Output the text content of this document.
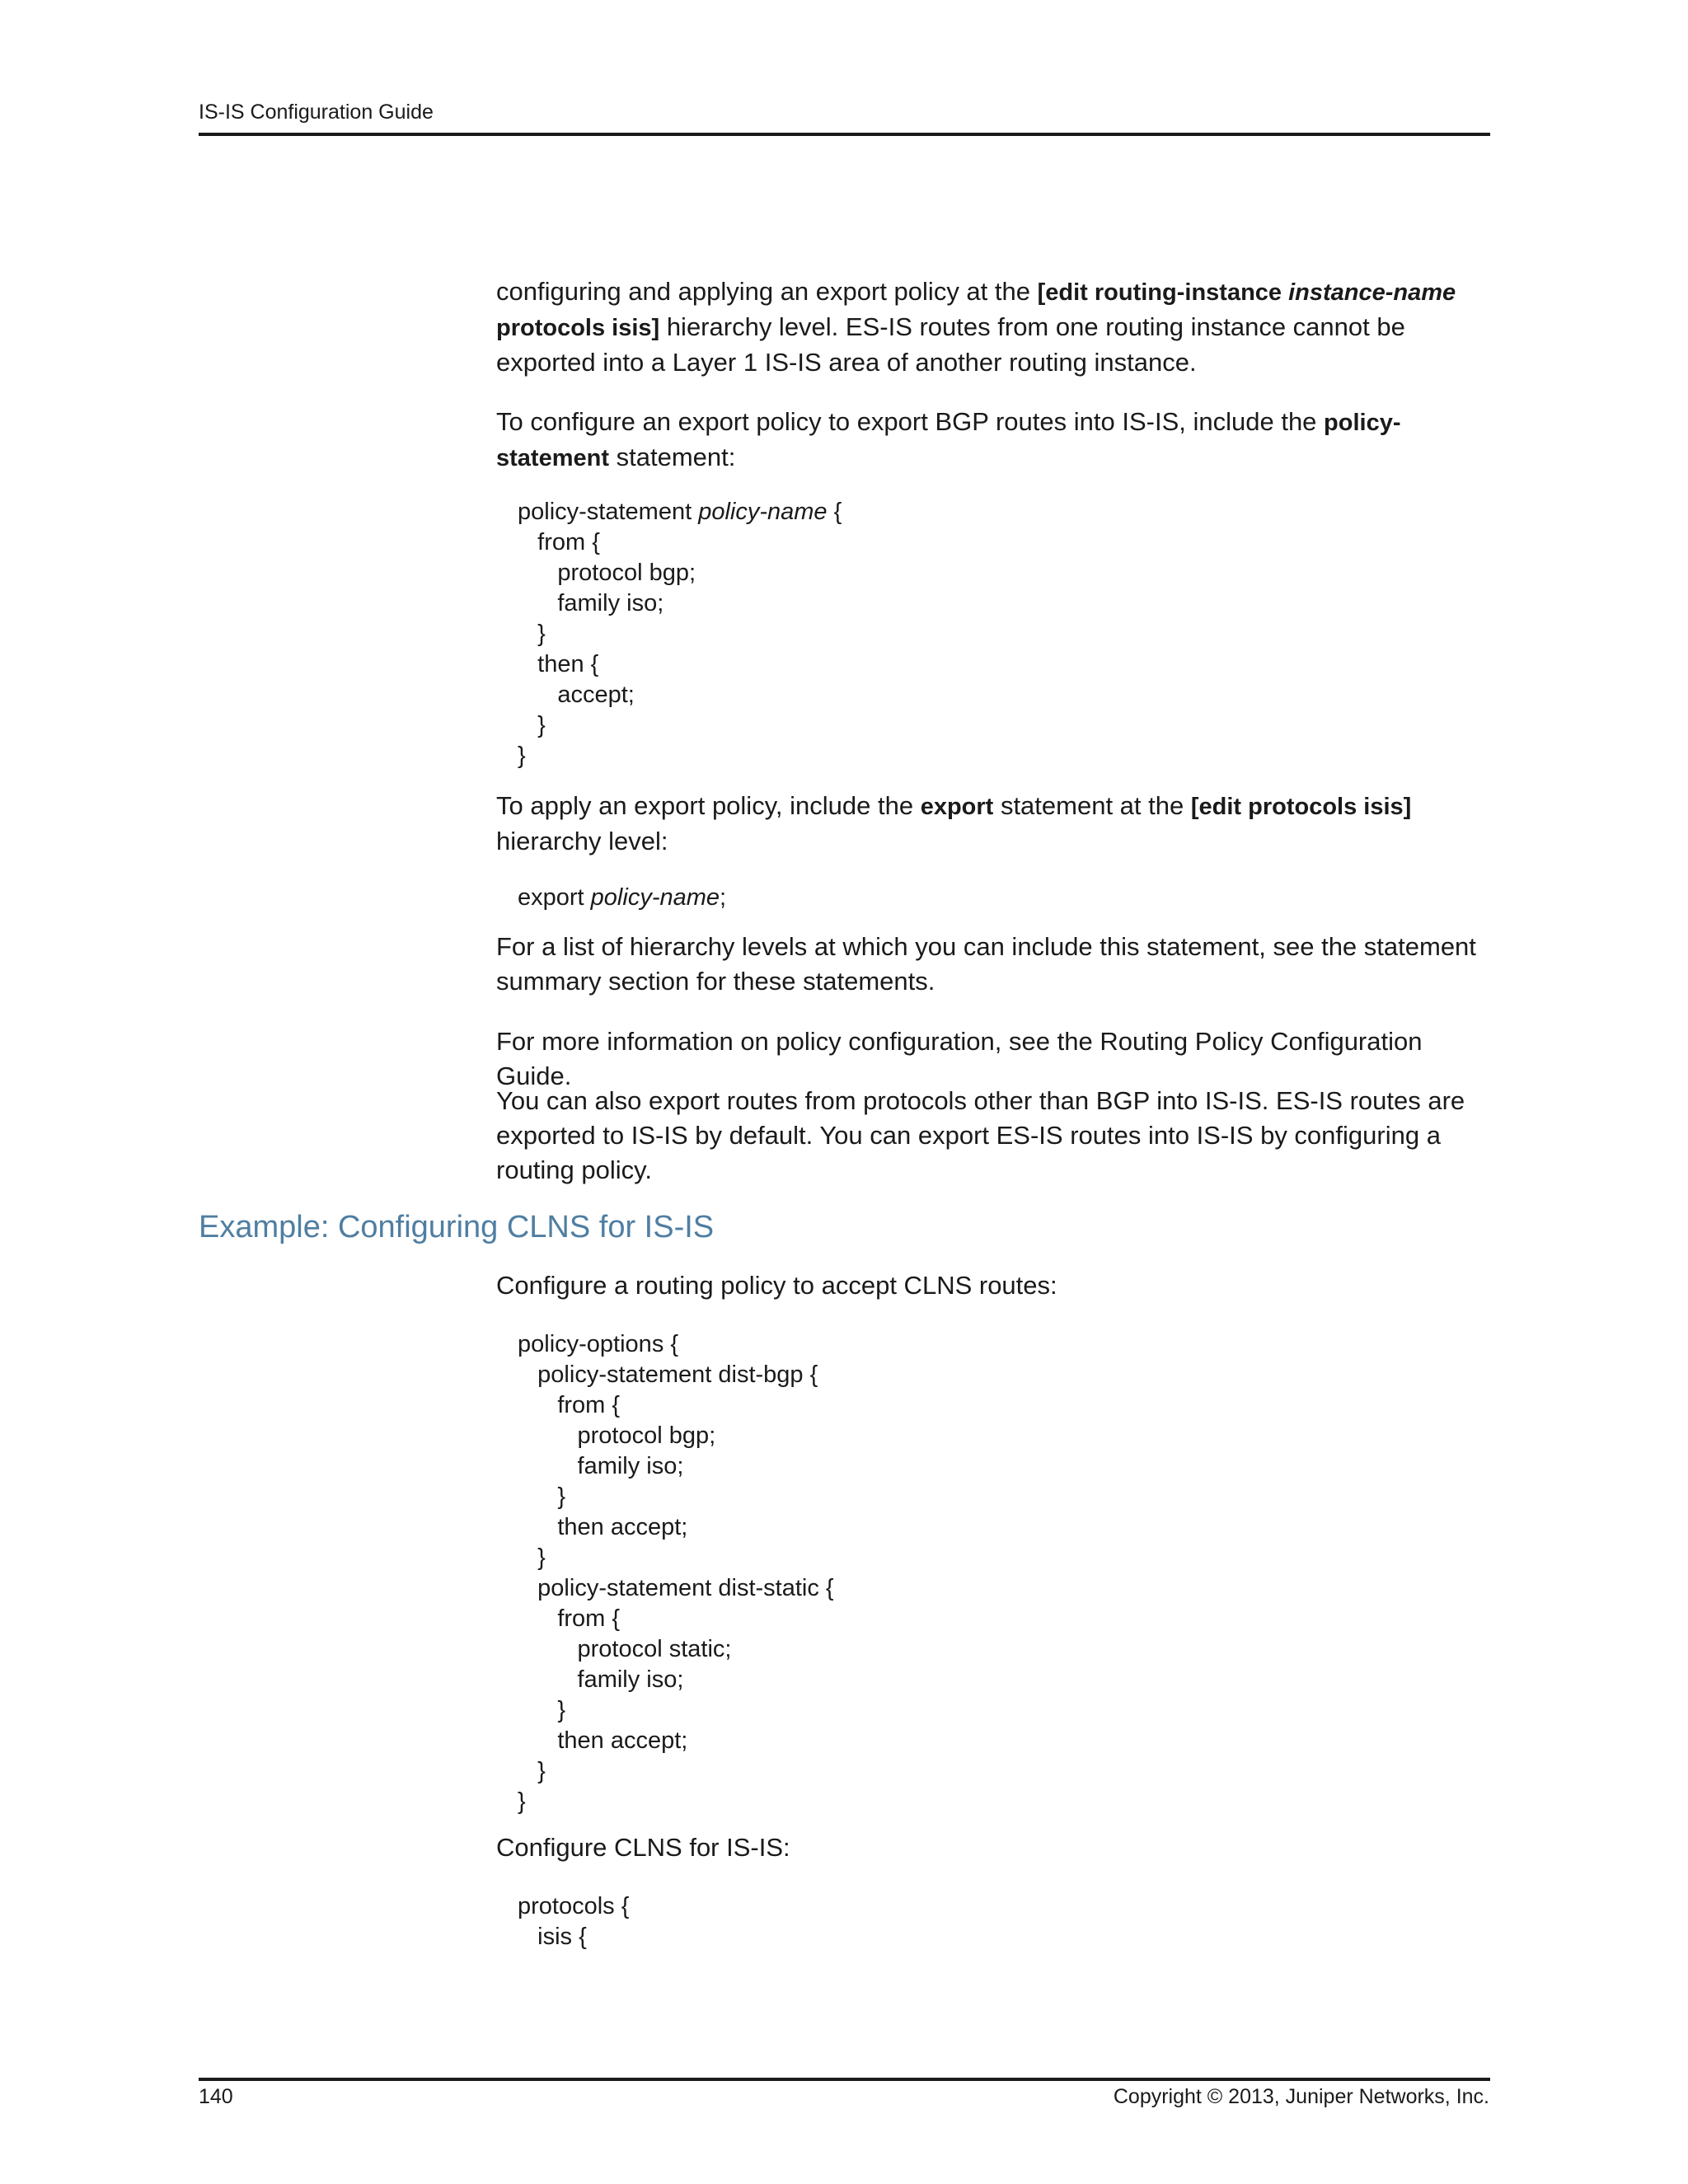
IS-IS Configuration Guide

configuring and applying an export policy at the [edit routing-instance instance-name protocols isis] hierarchy level. ES-IS routes from one routing instance cannot be exported into a Layer 1 IS-IS area of another routing instance.

To configure an export policy to export BGP routes into IS-IS, include the policy-statement statement:

policy-statement policy-name {
from {
protocol bgp;
family iso;
}
then {
accept;
}
}

To apply an export policy, include the export statement at the [edit protocols isis] hierarchy level:

export policy-name;

For a list of hierarchy levels at which you can include this statement, see the statement summary section for these statements.

For more information on policy configuration, see the Routing Policy Configuration Guide.

You can also export routes from protocols other than BGP into IS-IS. ES-IS routes are exported to IS-IS by default. You can export ES-IS routes into IS-IS by configuring a routing policy.

Example: Configuring CLNS for IS-IS

Configure a routing policy to accept CLNS routes:

policy-options {
policy-statement dist-bgp {
from {
protocol bgp;
family iso;
}
then accept;
}
policy-statement dist-static {
from {
protocol static;
family iso;
}
then accept;
}
}

Configure CLNS for IS-IS:

protocols {
isis {
140	Copyright © 2013, Juniper Networks, Inc.
